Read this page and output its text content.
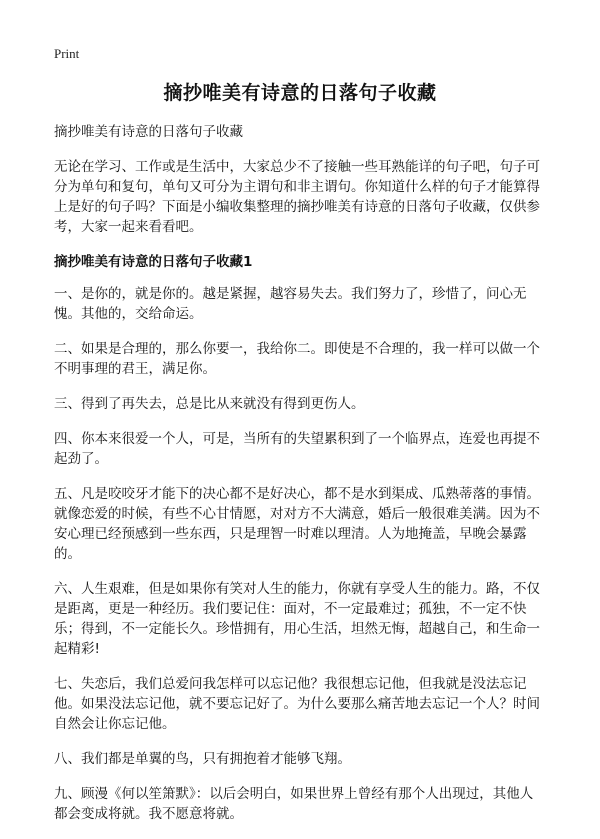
Print
摘抄唯美有诗意的日落句子收藏

摘抄唯美有诗意的日落句子收藏

无论在学习、工作或是生活中，大家总少不了接触一些耳熟能详的句子吧，句子可分为单句和复句，单句又可分为主谓句和非主谓句。你知道什么样的句子才能算得上是好的句子吗？下面是小编收集整理的摘抄唯美有诗意的日落句子收藏，仅供参考，大家一起来看看吧。

摘抄唯美有诗意的日落句子收藏1

一、是你的，就是你的。越是紧握，越容易失去。我们努力了，珍惜了，问心无愧。其他的，交给命运。

二、如果是合理的，那么你要一，我给你二。即使是不合理的，我一样可以做一个不明事理的君王，满足你。

三、得到了再失去，总是比从来就没有得到更伤人。

四、你本来很爱一个人，可是，当所有的失望累积到了一个临界点，连爱也再提不起劲了。

五、凡是咬咬牙才能下的决心都不是好决心，都不是水到渠成、瓜熟蒂落的事情。就像恋爱的时候，有些不心甘情愿，对对方不大满意，婚后一般很难美满。因为不安心理已经预感到一些东西，只是理智一时难以理清。人为地掩盖，早晚会暴露的。

六、人生艰难，但是如果你有笑对人生的能力，你就有享受人生的能力。路，不仅是距离，更是一种经历。我们要记住：面对，不一定最难过；孤独，不一定不快乐；得到，不一定能长久。珍惜拥有，用心生活，坦然无悔，超越自己，和生命一起精彩!

七、失恋后，我们总爱问我怎样可以忘记他？我很想忘记他，但我就是没法忘记他。如果没法忘记他，就不要忘记好了。为什么要那么痛苦地去忘记一个人？时间自然会让你忘记他。

八、我们都是单翼的鸟，只有拥抱着才能够飞翔。

九、顾漫《何以笙箫默》：以后会明白，如果世界上曾经有那个人出现过，其他人都会变成将就。我不愿意将就。
